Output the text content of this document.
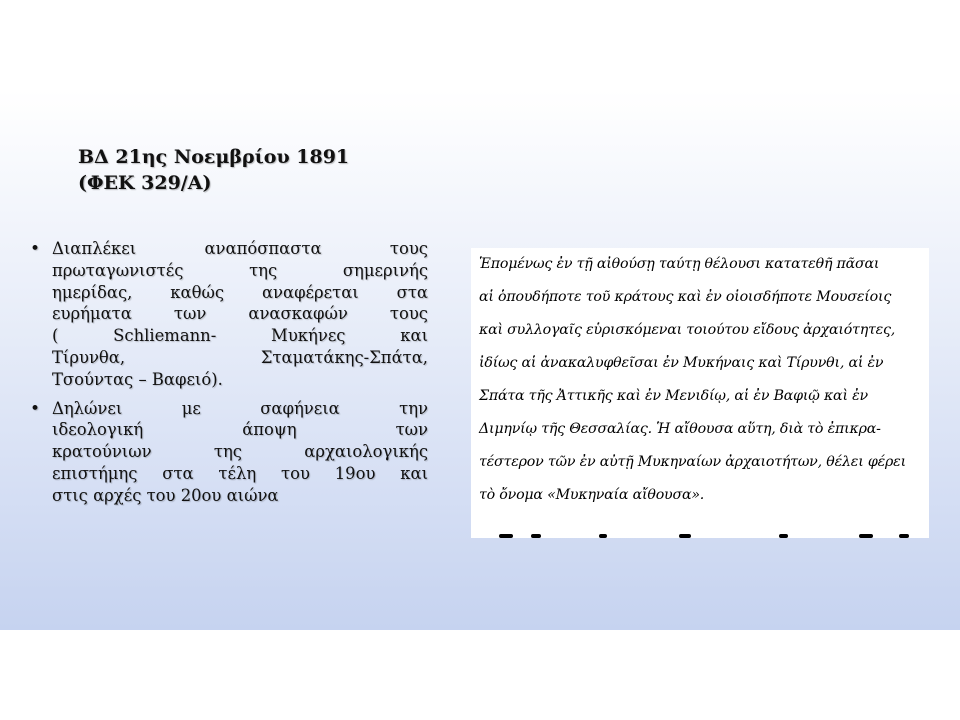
ΒΔ 21ης Νοεμβρίου 1891
(ΦΕΚ 329/Α)
•
Διαπλέκει αναπόσπαστα τους
πρωταγωνιστές της σημερινής
ημερίδας, καθώς αναφέρεται στα
ευρήματα των ανασκαφών τους
( Schliemann- Μυκήνες και
Τίρυνθα, Σταματάκης-Σπάτα,
Τσούντας – Βαφειό).
•
Δηλώνει με σαφήνεια την
ιδεολογική άποψη των
κρατούνιων της αρχαιολογικής
επιστήμης στα τέλη του 19ου και
στις αρχές του 20ου αιώνα
Ἑπομένως ἐν τῇ αἰθούσῃ ταύτῃ θέλουσι κατατεθῆ πᾶσαι
αἱ ὁπουδήποτε τοῦ κράτους καὶ ἐν οἱοισδήποτε Μουσείοις
καὶ συλλογαῖς εὑρισκόμεναι τοιούτου εἴδους ἀρχαιότητες,
ἰδίως αἱ ἀνακαλυφθεῖσαι ἐν Μυκήναις καὶ Τίρυνθι, αἱ ἐν
Σπάτα τῆς Ἀττικῆς καὶ ἐν Μενιδίῳ, αἱ ἐν Βαφιῷ καὶ ἐν
Διμηνίῳ τῆς Θεσσαλίας. Ἡ αἴθουσα αὕτη, διὰ τὸ ἐπικρα-
τέστερον τῶν ἐν αὐτῇ Μυκηναίων ἀρχαιοτήτων, θέλει φέρει
τὸ ὄνομα «Μυκηναία αἴθουσα».
